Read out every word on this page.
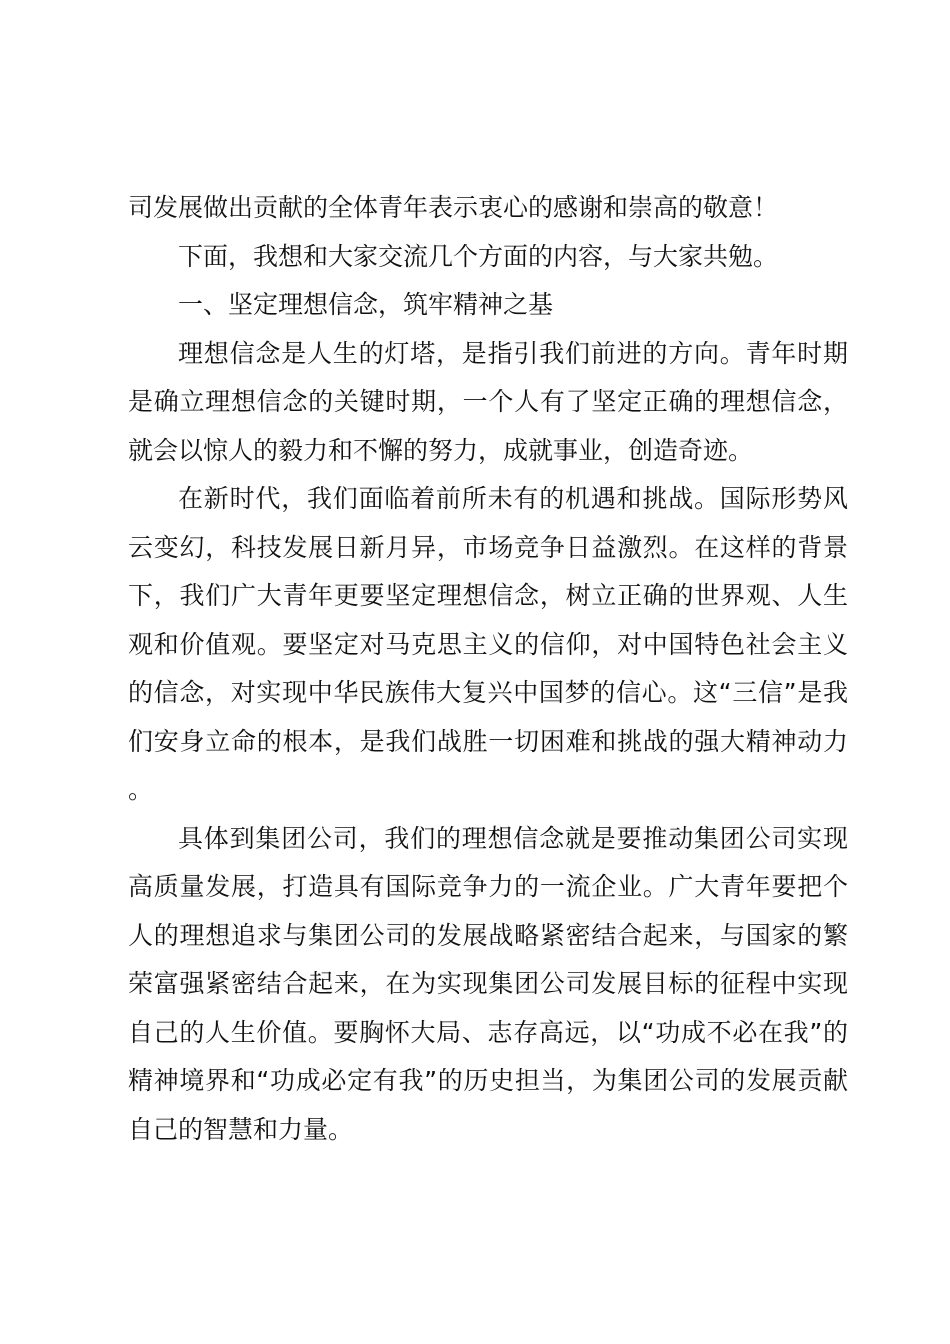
司发展做出贡献的全体青年表示衷心的感谢和崇高的敬意！

下面，我想和大家交流几个方面的内容，与大家共勉。

一、坚定理想信念，筑牢精神之基

理想信念是人生的灯塔，是指引我们前进的方向。青年时期是确立理想信念的关键时期，一个人有了坚定正确的理想信念，就会以惊人的毅力和不懈的努力，成就事业，创造奇迹。

在新时代，我们面临着前所未有的机遇和挑战。国际形势风云变幻，科技发展日新月异，市场竞争日益激烈。在这样的背景下，我们广大青年更要坚定理想信念，树立正确的世界观、人生观和价值观。要坚定对马克思主义的信仰，对中国特色社会主义的信念，对实现中华民族伟大复兴中国梦的信心。这“三信”是我们安身立命的根本，是我们战胜一切困难和挑战的强大精神动力。

具体到集团公司，我们的理想信念就是要推动集团公司实现高质量发展，打造具有国际竞争力的一流企业。广大青年要把个人的理想追求与集团公司的发展战略紧密结合起来，与国家的繁荣富强紧密结合起来，在为实现集团公司发展目标的征程中实现自己的人生价值。要胸怀大局、志存高远，以“功成不必在我”的精神境界和“功成必定有我”的历史担当，为集团公司的发展贡献自己的智慧和力量。
